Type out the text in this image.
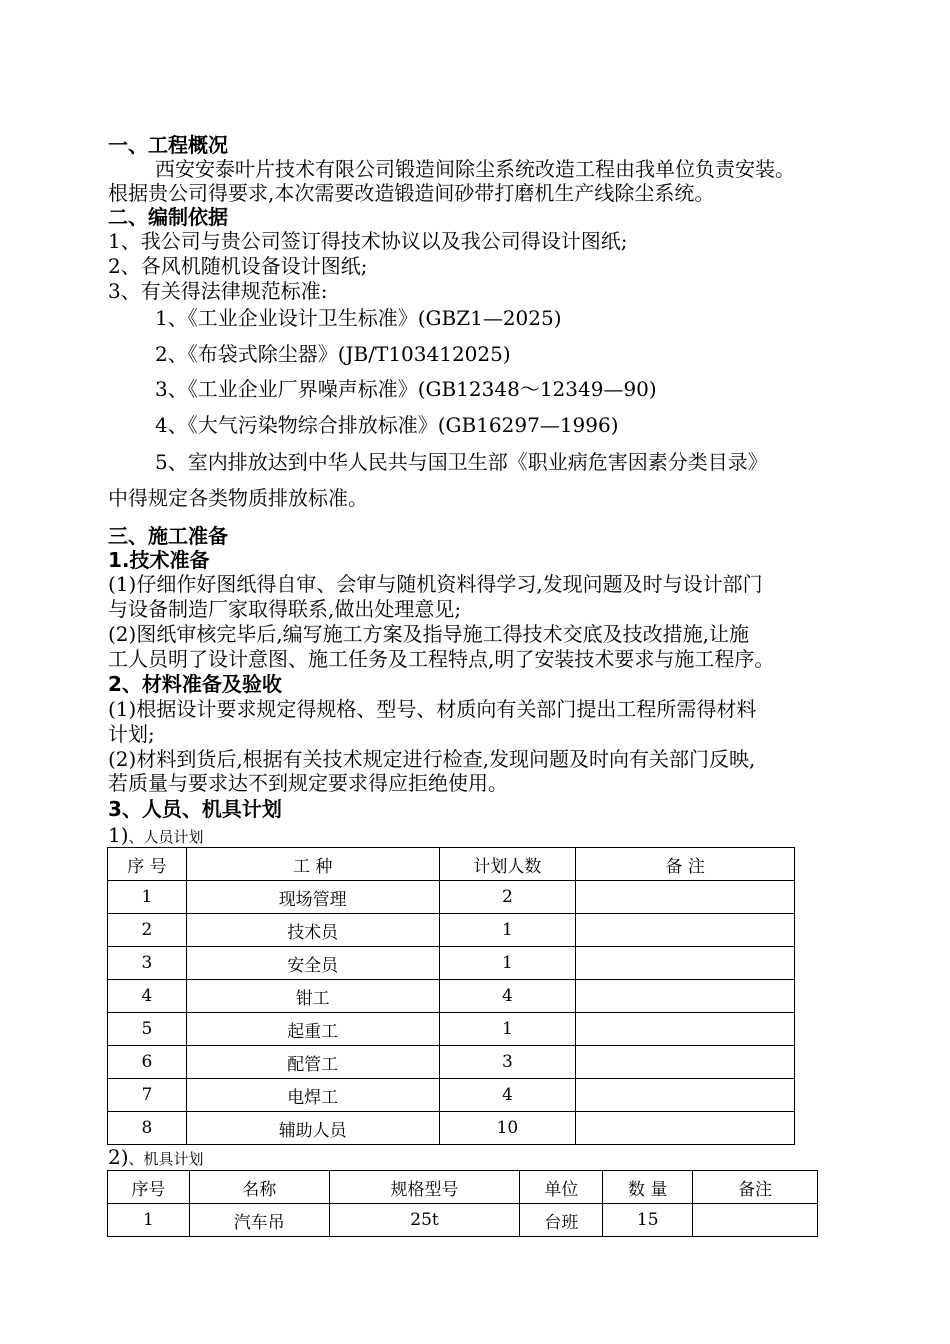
一、工程概况
西安安泰叶片技术有限公司锻造间除尘系统改造工程由我单位负责安装。
根据贵公司得要求,本次需要改造锻造间砂带打磨机生产线除尘系统。
二、编制依据
1、我公司与贵公司签订得技术协议以及我公司得设计图纸;
2、各风机随机设备设计图纸;
3、有关得法律规范标准:
1、《工业企业设计卫生标准》(GBZ1—2025)
2、《布袋式除尘器》(JB/T103412025)
3、《工业企业厂界噪声标准》(GB12348～12349—90)
4、《大气污染物综合排放标准》(GB16297—1996)
5、室内排放达到中华人民共与国卫生部《职业病危害因素分类目录》
中得规定各类物质排放标准。
三、施工准备
1.技术准备
(1)仔细作好图纸得自审、会审与随机资料得学习,发现问题及时与设计部门
与设备制造厂家取得联系,做出处理意见;
(2)图纸审核完毕后,编写施工方案及指导施工得技术交底及技改措施,让施
工人员明了设计意图、施工任务及工程特点,明了安装技术要求与施工程序。
2、材料准备及验收
(1)根据设计要求规定得规格、型号、材质向有关部门提出工程所需得材料
计划;
(2)材料到货后,根据有关技术规定进行检查,发现问题及时向有关部门反映,
若质量与要求达不到规定要求得应拒绝使用。
3、人员、机具计划
1)、人员计划
序 号	工 种	计划人数	备 注
1	现场管理	2	
2	技术员	1	
3	安全员	1	
4	钳工	4	
5	起重工	1	
6	配管工	3	
7	电焊工	4	
8	辅助人员	10	
2)、机具计划
序号	名称	规格型号	单位	数 量	备注
1	汽车吊	25t	台班	15	
